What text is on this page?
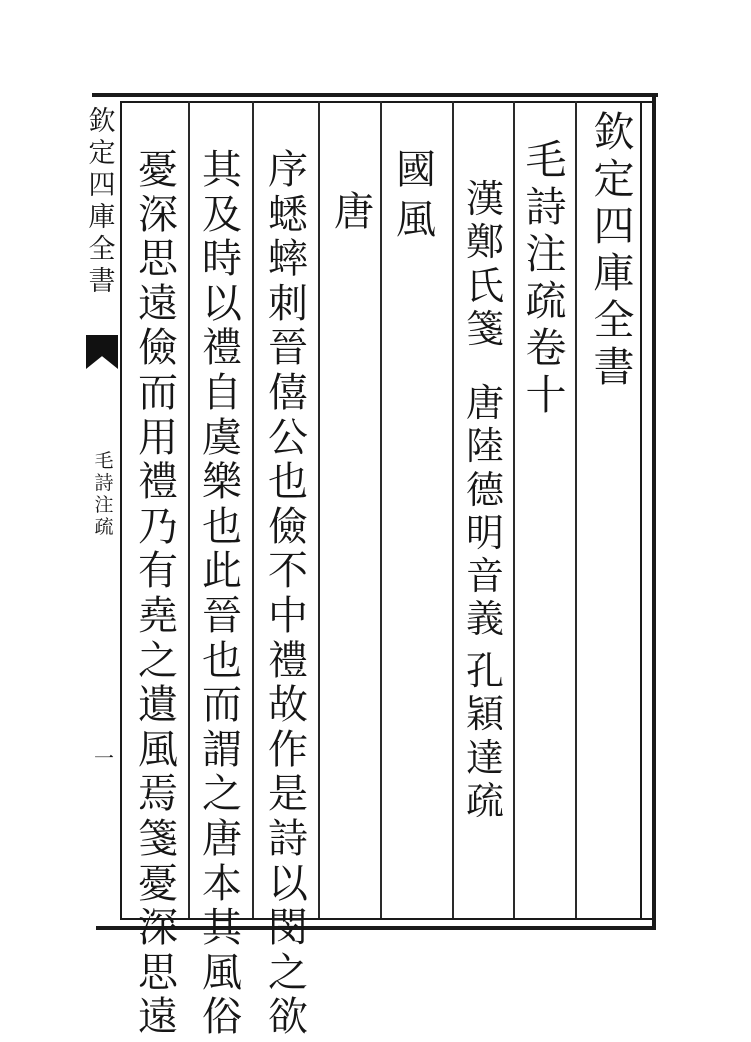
欽
定
四
庫
全
書
毛
詩
注
疏
一
欽
定
四
庫
全
書
毛
詩
注
疏
卷
十
漢
鄭
氏
箋
唐
陸
德
明
音
義
孔
穎
達
疏
國
風
唐
序
蟋
蟀
刺
晉
僖
公
也
儉
不
中
禮
故
作
是
詩
以
閔
之
欲
其
及
時
以
禮
自
虞
樂
也
此
晉
也
而
謂
之
唐
本
其
風
俗
憂
深
思
遠
儉
而
用
禮
乃
有
堯
之
遺
風
焉
箋
憂
深
思
遠
